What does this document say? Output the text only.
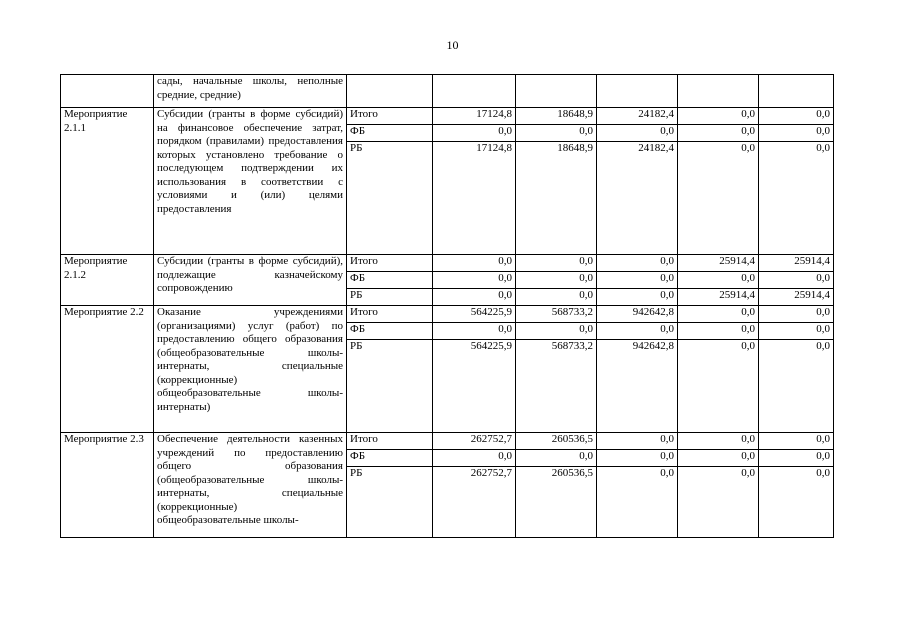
10
	сады, начальные школы, неполные средние, средние)						
Мероприятие 2.1.1	Субсидии (гранты в форме субсидий) на финансовое обеспечение затрат, порядком (правилами) предоставления которых установлено требование о последующем подтверждении их использования в соответствии с условиями и (или) целями предоставления	Итого	17124,8	18648,9	24182,4	0,0	0,0
		ФБ	0,0	0,0	0,0	0,0	0,0
		РБ	17124,8	18648,9	24182,4	0,0	0,0
Мероприятие 2.1.2	Субсидии (гранты в форме субсидий), подлежащие казначейскому сопровождению	Итого	0,0	0,0	0,0	25914,4	25914,4
		ФБ	0,0	0,0	0,0	0,0	0,0
		РБ	0,0	0,0	0,0	25914,4	25914,4
Мероприятие 2.2	Оказание учреждениями (организациями) услуг (работ) по предоставлению общего образования (общеобразовательные школы-интернаты, специальные (коррекционные) общеобразовательные школы-интернаты)	Итого	564225,9	568733,2	942642,8	0,0	0,0
		ФБ	0,0	0,0	0,0	0,0	0,0
		РБ	564225,9	568733,2	942642,8	0,0	0,0
Мероприятие 2.3	Обеспечение деятельности казенных учреждений по предоставлению общего образования (общеобразовательные школы-интернаты, специальные (коррекционные) общеобразовательные школы-	Итого	262752,7	260536,5	0,0	0,0	0,0
		ФБ	0,0	0,0	0,0	0,0	0,0
		РБ	262752,7	260536,5	0,0	0,0	0,0
